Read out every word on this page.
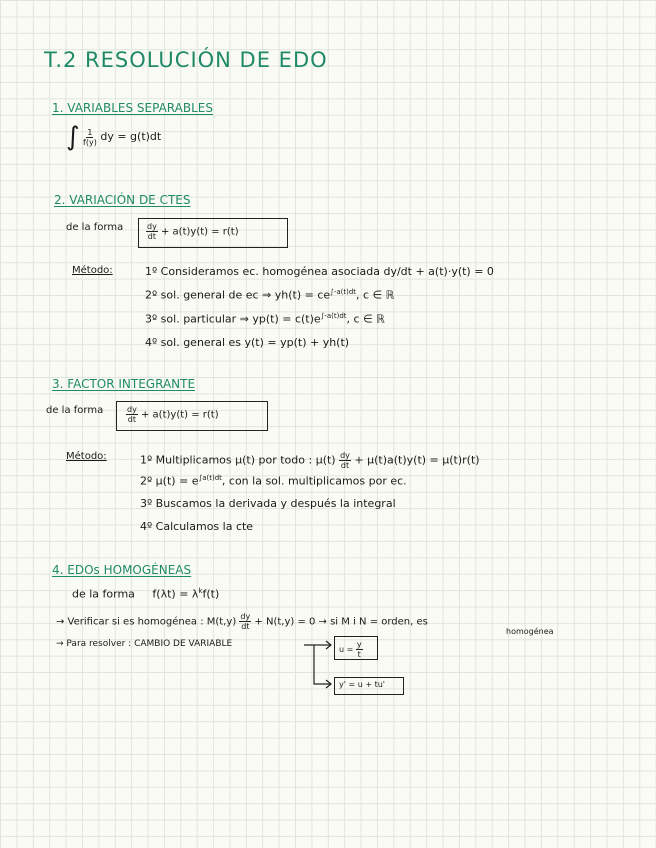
T.2 RESOLUCIÓN DE EDO
1. VARIABLES SEPARABLES
∫ $\frac{1}{f(y)}$ dy = g(t)dt
2. VARIACIÓN DE CTES
de la forma	$\frac{dy}{dt} + a(t)y(t) = r(t)$
Método:	1º Consideramos ec. homogénea asociada dy/dt + a(t)·y(t) = 0
2º sol. general de ec ⇒ $yh(t) = ce^{\int-a(t)dt}$, c ∈ ℝ
3º sol. particular ⇒ $yp(t) = c(t)e^{\int-a(t)dt}$, c ∈ ℝ
4º sol. general es y(t) = yp(t) + yh(t)
3. FACTOR INTEGRANTE
de la forma	$\frac{dy}{dt} + a(t)y(t) = r(t)$
Método:	1º Multiplicamos μ(t) por todo : $\mu(t) \frac{dy}{dt} + \mu(t)a(t)y(t) = \mu(t)r(t)$
2º $\mu(t) = e^{\int a(t)dt}$, con la sol. multiplicamos por ec.
3º Buscamos la derivada y después la integral
4º Calculamos la cte
4. EDOs HOMOGÉNEAS
de la forma $f(\lambda t) = \lambda^kf(t)$
→ Verificar si es homogénea : $M(t,y) \frac{dy}{dt} + N(t,y) = 0$ → si M i N = orden, es
homogénea
→ Para resolver : CAMBIO DE VARIABLE
$u = \frac{y}{t}$
y' = u + tu'
